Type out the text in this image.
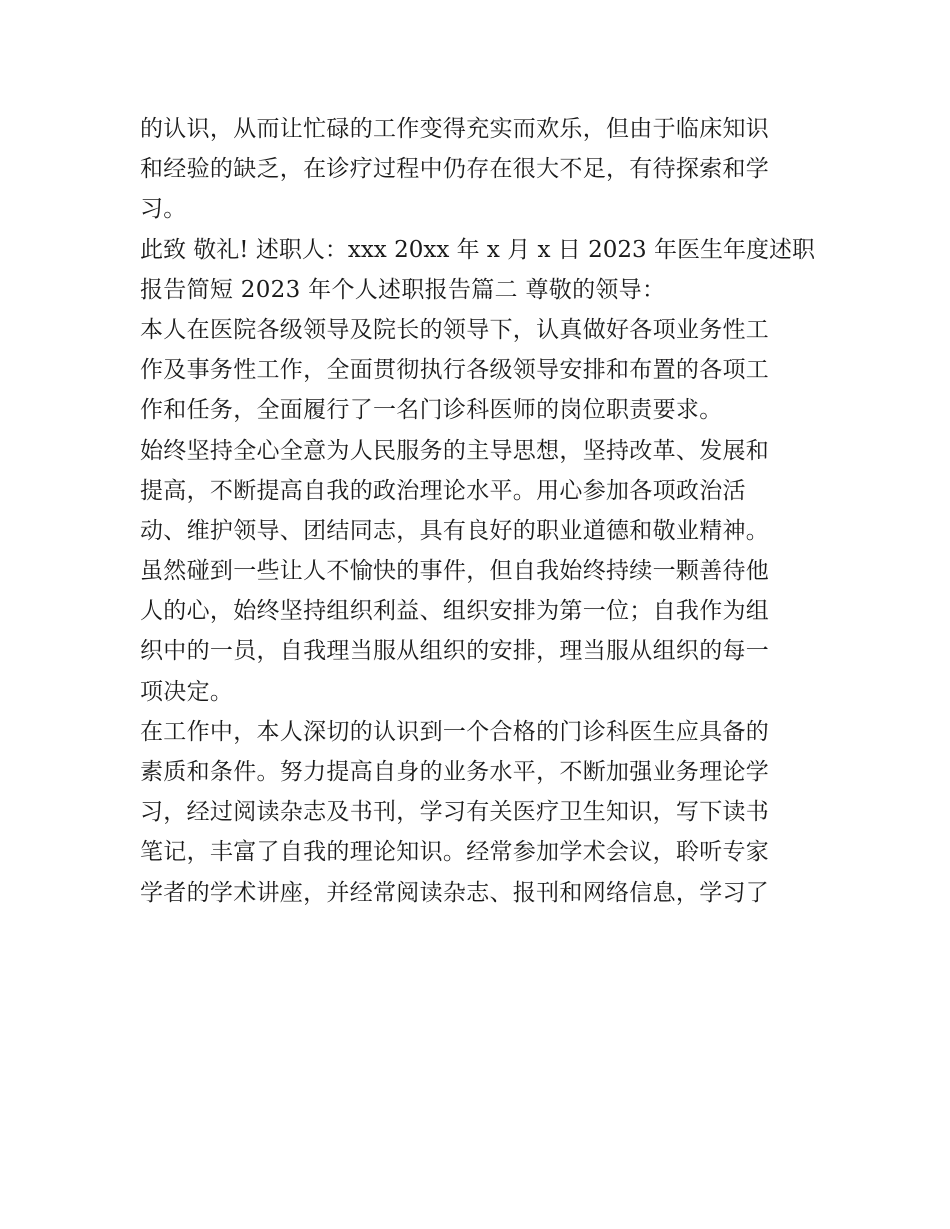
的认识，从而让忙碌的工作变得充实而欢乐，但由于临床知识
和经验的缺乏，在诊疗过程中仍存在很大不足，有待探索和学
习。
此致 敬礼! 述职人：xxx 20xx 年 x 月 x 日 2023 年医生年度述职
报告简短 2023 年个人述职报告篇二 尊敬的领导：
本人在医院各级领导及院长的领导下，认真做好各项业务性工
作及事务性工作，全面贯彻执行各级领导安排和布置的各项工
作和任务，全面履行了一名门诊科医师的岗位职责要求。
始终坚持全心全意为人民服务的主导思想，坚持改革、发展和
提高，不断提高自我的政治理论水平。用心参加各项政治活
动、维护领导、团结同志，具有良好的职业道德和敬业精神。
虽然碰到一些让人不愉快的事件，但自我始终持续一颗善待他
人的心，始终坚持组织利益、组织安排为第一位；自我作为组
织中的一员，自我理当服从组织的安排，理当服从组织的每一
项决定。
在工作中，本人深切的认识到一个合格的门诊科医生应具备的
素质和条件。努力提高自身的业务水平，不断加强业务理论学
习，经过阅读杂志及书刊，学习有关医疗卫生知识，写下读书
笔记，丰富了自我的理论知识。经常参加学术会议，聆听专家
学者的学术讲座，并经常阅读杂志、报刊和网络信息，学习了
